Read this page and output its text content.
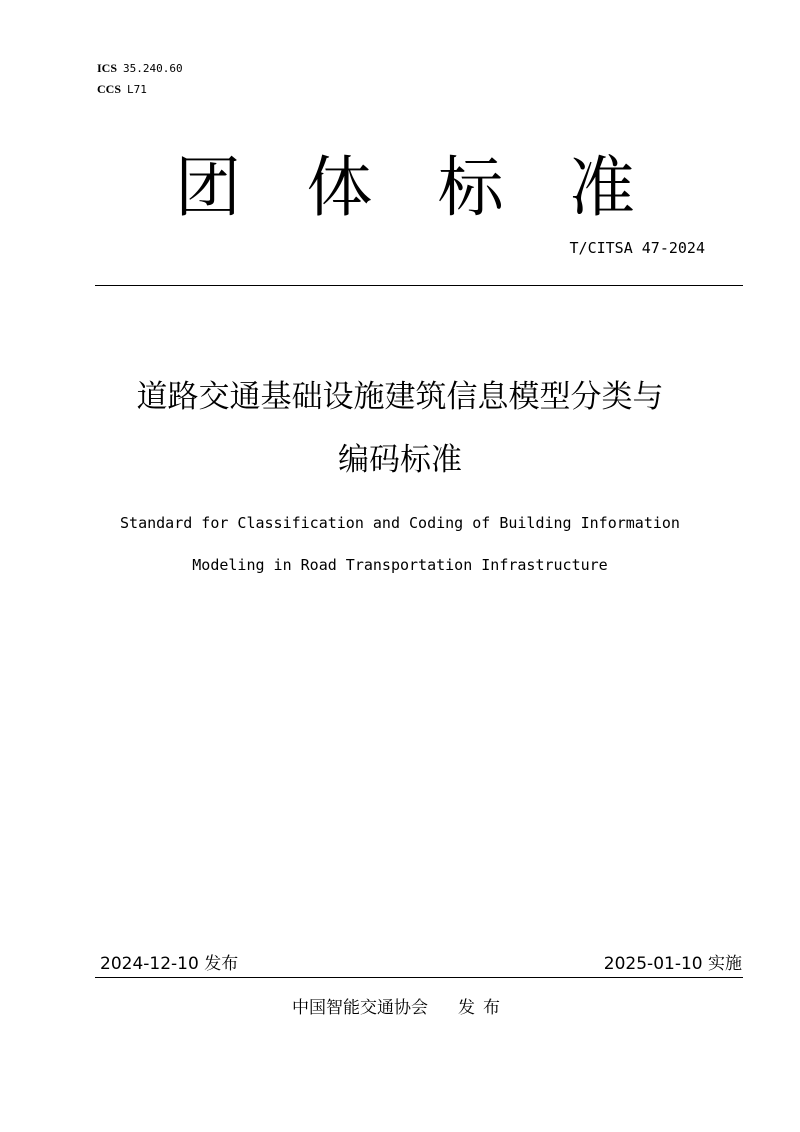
ICS 35.240.60
CCS L71
团 体 标 准
T/CITSA 47-2024
道路交通基础设施建筑信息模型分类与
编码标准
Standard for Classification and Coding of Building Information
Modeling in Road Transportation Infrastructure
2024-12-10 发布	2025-01-10 实施
中国智能交通协会 发布
